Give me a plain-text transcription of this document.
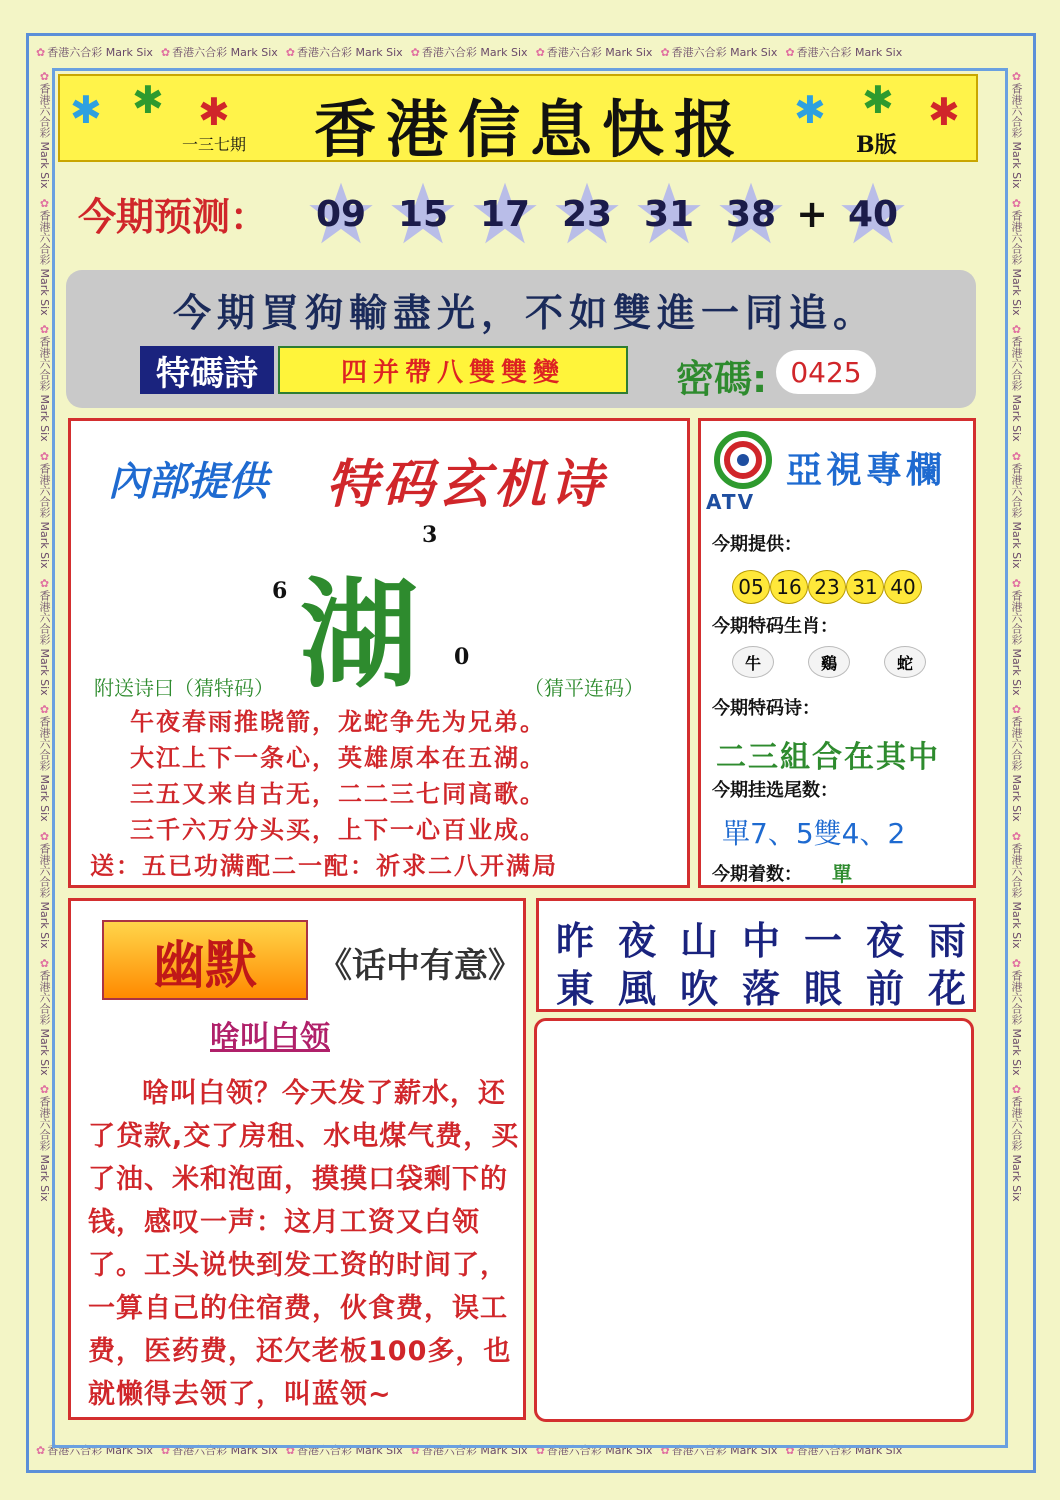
✿ 香港六合彩 Mark Six ✿ 香港六合彩 Mark Six ✿ 香港六合彩 Mark Six ✿ 香港六合彩 Mark Six ✿ 香港六合彩 Mark Six ✿ 香港六合彩 Mark Six ✿ 香港六合彩 Mark Six
✿ 香港六合彩 Mark Six ✿ 香港六合彩 Mark Six ✿ 香港六合彩 Mark Six ✿ 香港六合彩 Mark Six ✿ 香港六合彩 Mark Six ✿ 香港六合彩 Mark Six ✿ 香港六合彩 Mark Six
✿香港六合彩 Mark Six
✿香港六合彩 Mark Six
✿香港六合彩 Mark Six
✿香港六合彩 Mark Six
✿香港六合彩 Mark Six
✿香港六合彩 Mark Six
✿香港六合彩 Mark Six
✿香港六合彩 Mark Six
✿香港六合彩 Mark Six
✿香港六合彩 Mark Six
✿香港六合彩 Mark Six
✿香港六合彩 Mark Six
✿香港六合彩 Mark Six
✿香港六合彩 Mark Six
✿香港六合彩 Mark Six
✿香港六合彩 Mark Six
✿香港六合彩 Mark Six
✿香港六合彩 Mark Six
✱ ✱ ✱	✱ ✱ ✱
香港信息快报
一三七期	B版
今期预测： 09 15 17 23 31 38 + 40
今期買狗輸盡光，不如雙進一同追。
特碼詩	四并帶八雙雙變	密碼: 0425
內部提供 特码玄机诗
湖
3
6
0
附送诗曰（猜特码）	（猜平连码）
午夜春雨推晓箭，龙蛇争先为兄弟。
大江上下一条心，英雄原本在五湖。
三五又来自古无，二二三七同高歌。
三千六万分头买，上下一心百业成。
送：五已功满配二一配：祈求二八开满局
ATV
亞視專欄
今期提供：
05 16 23 31 40
今期特码生肖：
牛	鷄	蛇
今期特码诗：
二三組合在其中
今期挂选尾数：
單7、5雙4、2
今期着数： 單
幽默	《话中有意》
啥叫白领
啥叫白领？今天发了薪水，还了贷款,交了房租、水电煤气费，买了油、米和泡面，摸摸口袋剩下的钱，感叹一声：这月工资又白领了。工头说快到发工资的时间了，一算自己的住宿费，伙食费，误工费，医药费，还欠老板100多，也就懒得去领了，叫蓝领~
昨夜山中一夜雨
東風吹落眼前花
